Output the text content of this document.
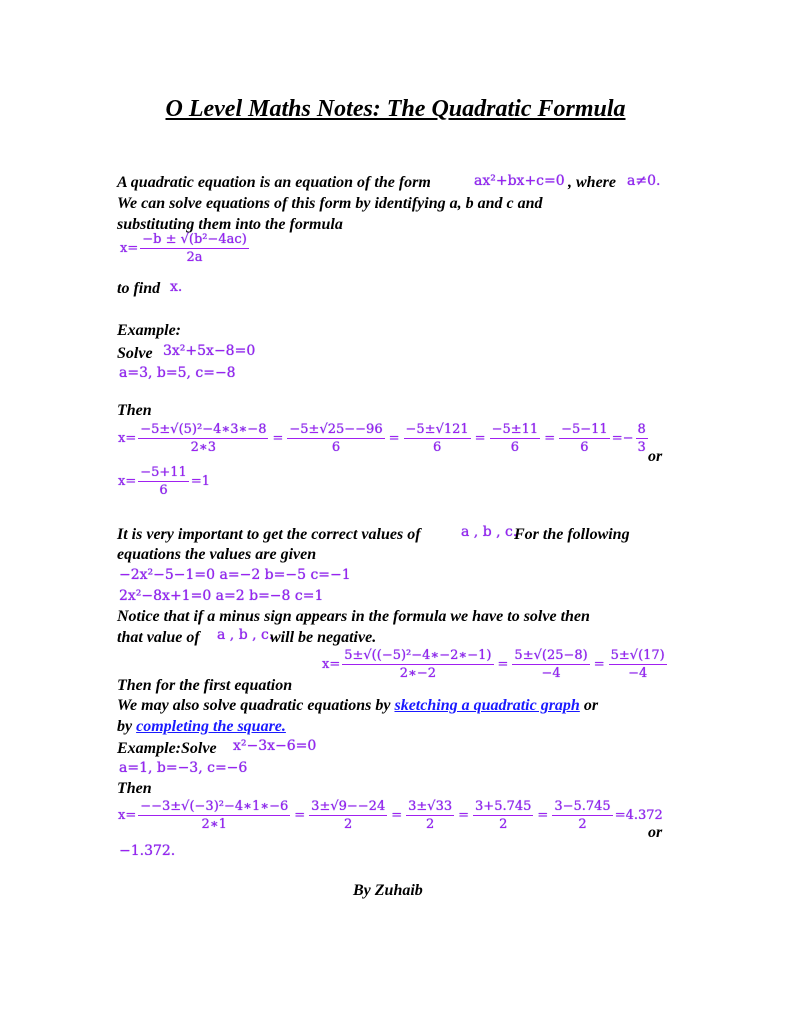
O Level Maths Notes: The Quadratic Formula
A quadratic equation is an equation of the form	ax²+bx+c=0 , where a≠0.
We can solve equations of this form by identifying a, b and c and
substituting them into the formula
$x= \frac{\text{−b ± √(b²−4ac)}}{2a}$
to find x.
Example:
Solve 3x²+5x−8=0
a=3, b=5, c=−8
Then
$x= \frac{\text{−5±√(5)²−4∗3∗−8}}{2∗3} = \frac{-5\pm√25--96}{6} = \frac{-5\pm√121}{6} = \frac{-5\pm 11}{6} = \frac{-5-11}{6} =- \frac{8}{3}$
or
$x= \frac{-5+11}{6} =1$
It is very important to get the correct values of	a , b , c.
For the following
equations the values are given
−2x²−5−1=0 a=−2 b=−5 c=−1
2x²−8x+1=0 a=2 b=−8 c=1
Notice that if a minus sign appears in the formula we have to solve then
that value of a , b , c.
will be negative.
$x= \frac{\text{5±√((−5)²−4∗−2∗−1)}}{2∗-2} = \frac{5\pm√(25-8)}{-4} = \frac{5\pm√(17)}{-4}$
Then for the first equation
We may also solve quadratic equations by sketching a quadratic graph or
by completing the square.
Example:Solve x²−3x−6=0
a=1, b=−3, c=−6
Then
$x= \frac{\text{−−3±√(−3)²−4∗1∗−6}}{2∗1} = \frac{3\pm√9--24}{2} = \frac{3\pm√33}{2} = \frac{3+5.745}{2} = \frac{3-5.745}{2} =4.372$
or
−1.372.
By Zuhaib
